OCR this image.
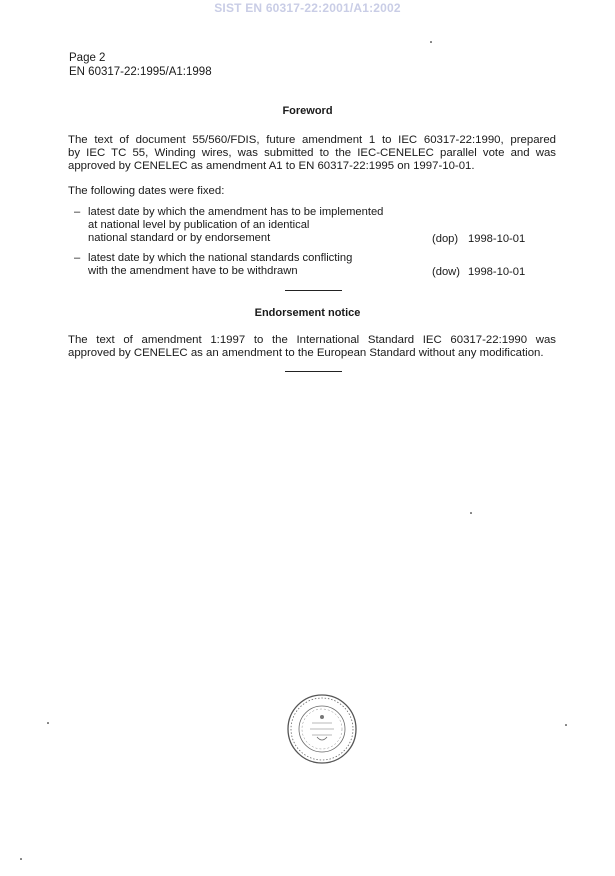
SIST EN 60317-22:2001/A1:2002
Page 2
EN 60317-22:1995/A1:1998
Foreword
The text of document 55/560/FDIS, future amendment 1 to IEC 60317-22:1990, prepared
by IEC TC 55, Winding wires, was submitted to the IEC-CENELEC parallel vote and was
approved by CENELEC as amendment A1 to EN 60317-22:1995 on 1997-10-01.
The following dates were fixed:
– latest date by which the amendment has to be implemented
at national level by publication of an identical
national standard or by endorsement	(dop) 1998-10-01
– latest date by which the national standards conflicting
with the amendment have to be withdrawn	(dow) 1998-10-01
Endorsement notice
The text of amendment 1:1997 to the International Standard IEC 60317-22:1990 was
approved by CENELEC as an amendment to the European Standard without any modification.
